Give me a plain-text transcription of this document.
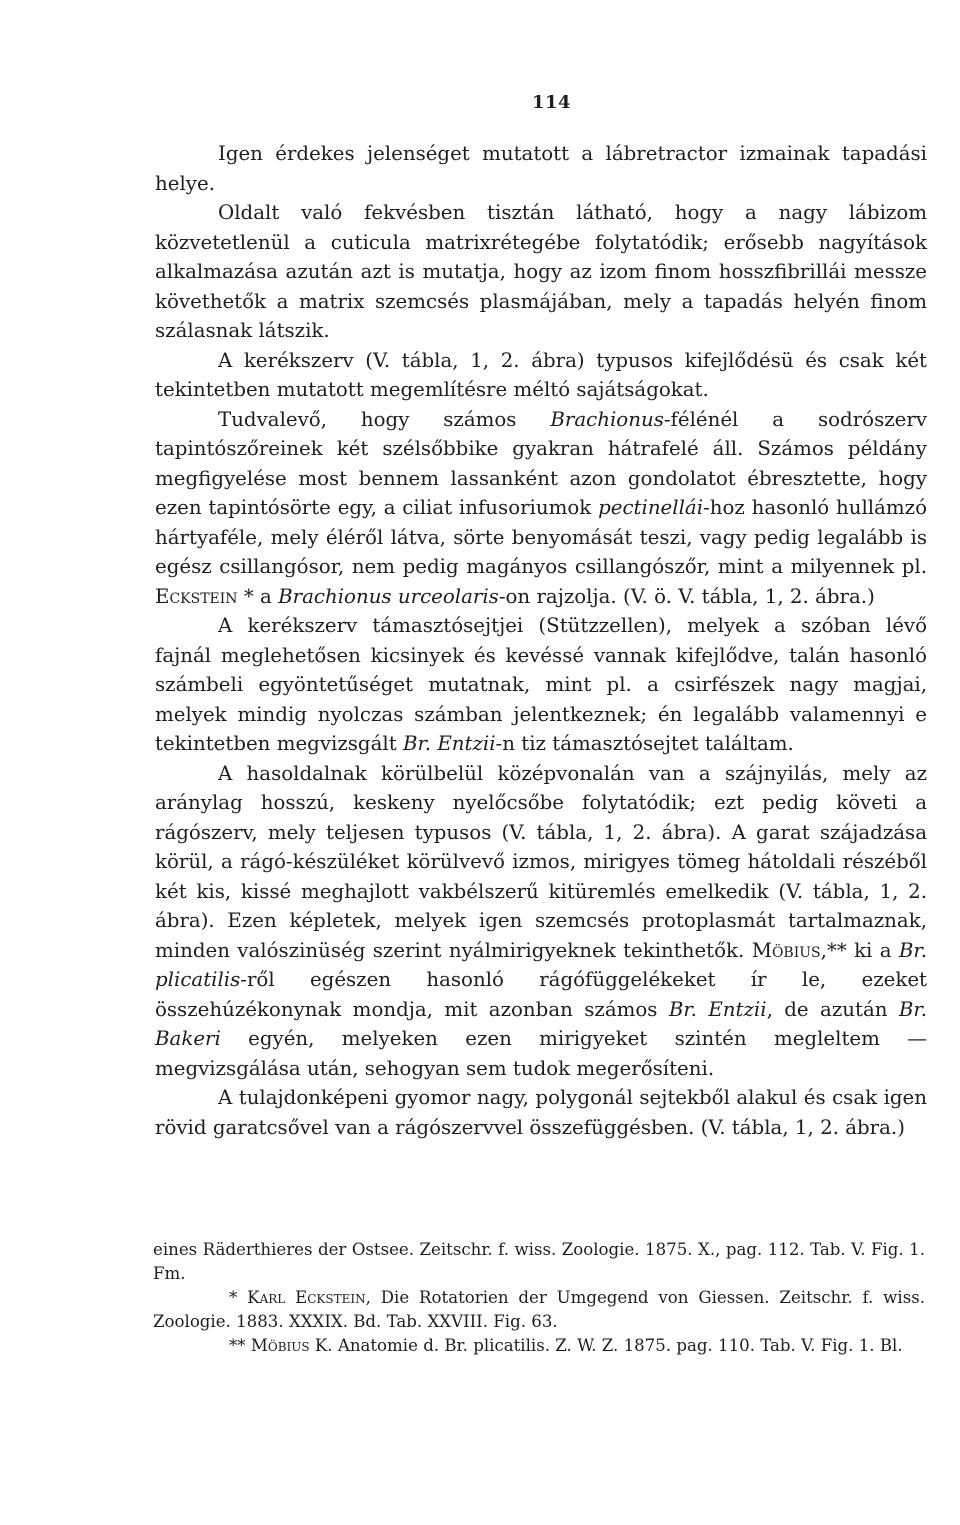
114

Igen érdekes jelenséget mutatott a lábretractor izmainak tapadási helye.

Oldalt való fekvésben tisztán látható, hogy a nagy lábizom közvetetlenül a cuticula matrixrétegébe folytatódik; erősebb nagyítások alkalmazása azután azt is mutatja, hogy az izom finom hosszfibrillái messze követhetők a matrix szemcsés plasmájában, mely a tapadás helyén finom szálasnak látszik.

A kerékszerv (V. tábla, 1, 2. ábra) typusos kifejlődésü és csak két tekintetben mutatott megemlítésre méltó sajátságokat.

Tudvalevő, hogy számos Brachionus-félénél a sodrószerv tapintószőreinek két szélsőbbike gyakran hátrafelé áll. Számos példány megfigyelése most bennem lassanként azon gondolatot ébresztette, hogy ezen tapintósörte egy, a ciliat infusoriumok pectinellái-hoz hasonló hullámzó hártyaféle, mely éléről látva, sörte benyomását teszi, vagy pedig legalább is egész csillangósor, nem pedig magányos csillangószőr, mint a milyennek pl. Eckstein * a Brachionus urceolaris-on rajzolja. (V. ö. V. tábla, 1, 2. ábra.)

A kerékszerv támasztósejtjei (Stützzellen), melyek a szóban lévő fajnál meglehetősen kicsinyek és kevéssé vannak kifejlődve, talán hasonló számbeli egyöntetűséget mutatnak, mint pl. a csirfészek nagy magjai, melyek mindig nyolczas számban jelentkeznek; én legalább valamennyi e tekintetben megvizsgált Br. Entzii-n tiz támasztósejtet találtam.

A hasoldalnak körülbelül középvonalán van a szájnyilás, mely az aránylag hosszú, keskeny nyelőcsőbe folytatódik; ezt pedig követi a rágószerv, mely teljesen typusos (V. tábla, 1, 2. ábra). A garat szájadzása körül, a rágó-készüléket körülvevő izmos, mirigyes tömeg hátoldali részéből két kis, kissé meghajlott vakbélszerű kitüremlés emelkedik (V. tábla, 1, 2. ábra). Ezen képletek, melyek igen szemcsés protoplasmát tartalmaznak, minden valószinüség szerint nyálmirigyeknek tekinthetők. Möbius,** ki a Br. plicatilis-ről egészen hasonló rágófüggelékeket ír le, ezeket összehúzékonynak mondja, mit azonban számos Br. Entzii, de azután Br. Bakeri egyén, melyeken ezen mirigyeket szintén megleltem — megvizsgálása után, sehogyan sem tudok megerősíteni.

A tulajdonképeni gyomor nagy, polygonál sejtekből alakul és csak igen rövid garatcsővel van a rágószervvel összefüggésben. (V. tábla, 1, 2. ábra.)

eines Räderthieres der Ostsee. Zeitschr. f. wiss. Zoologie. 1875. X., pag. 112. Tab. V. Fig. 1. Fm.

* Karl Eckstein, Die Rotatorien der Umgegend von Giessen. Zeitschr. f. wiss. Zoologie. 1883. XXXIX. Bd. Tab. XXVIII. Fig. 63.

** Möbius K. Anatomie d. Br. plicatilis. Z. W. Z. 1875. pag. 110. Tab. V. Fig. 1. Bl.
